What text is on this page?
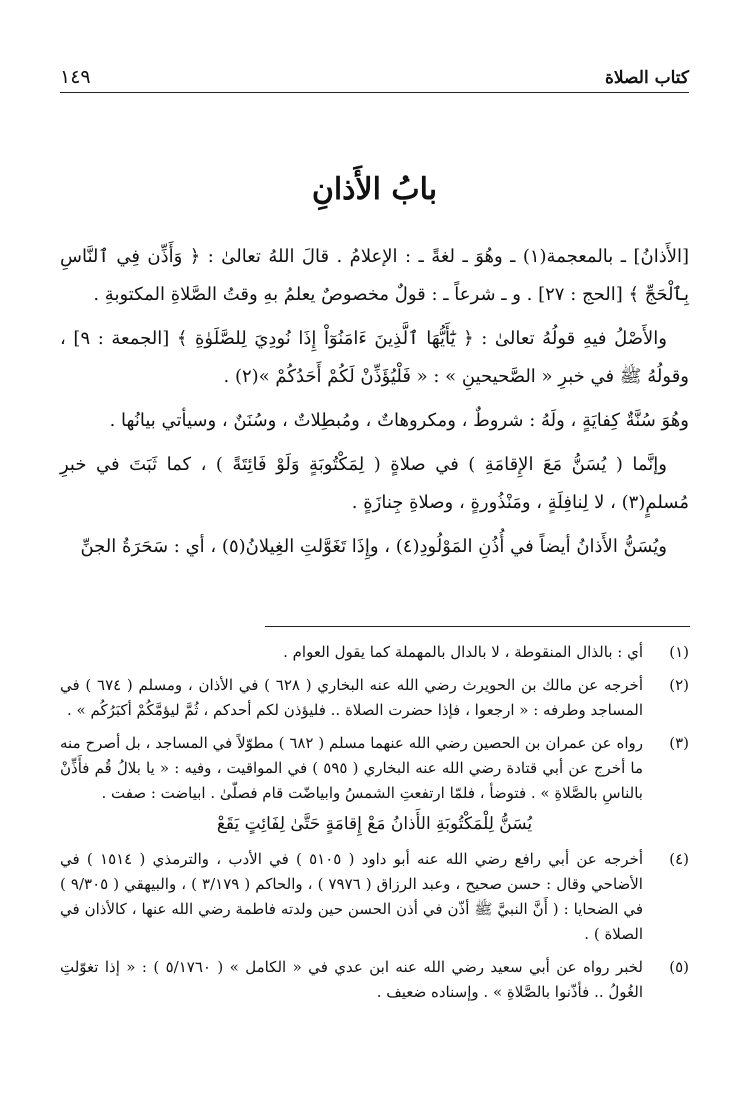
كتاب الصلاة
١٤٩
بابُ الأَذانِ

[الأَذانُ] ـ بالمعجمة(١) ـ وهُوَ ـ لغةً ـ : الإعلامُ . قالَ اللهُ تعالىٰ : ﴿ وَأَذِّن فِي ٱلنَّاسِ بِٱلْحَجِّ ﴾ [الحج : ٢٧] . و ـ شرعاً ـ : قولٌ مخصوصٌ يعلمُ بهِ وقتُ الصَّلاةِ المكتوبةِ .

والأَصْلُ فيهِ قولُهُ تعالىٰ : ﴿ يَٰٓأَيُّهَا ٱلَّذِينَ ءَامَنُوٓاْ إِذَا نُودِيَ لِلصَّلَوٰةِ ﴾ [الجمعة : ٩] ، وقولُهُ ﷺ في خبرِ « الصَّحيحينِ » : « فَلْيُؤَذِّنْ لَكُمْ أَحَدُكُمْ »(٢) .

وهُوَ سُنَّةٌ كِفايَةٍ ، ولَهُ : شروطٌ ، ومكروهاتٌ ، ومُبطِلاتٌ ، وسُنَنٌ ، وسيأتي بيانُها .

وإنَّما ( يُسَنُّ مَعَ الإِقامَةِ ) في صلاةٍ ( لِمَكْتُوبَةٍ وَلَوْ فَائِتَةً ) ، كما ثَبَتَ في خبرِ مُسلمٍ(٣) ، لا لِنافِلَةٍ ، ومَنْذُورةٍ ، وصلاةِ جِنازَةٍ .

ويُسَنُّ الأَذانُ أيضاً في أُذُنِ المَوْلُودِ(٤) ، وإِذَا تَغَوَّلتِ الغِيلانُ(٥) ، أي : سَحَرَةُ الجنِّ

(١)
أي : بالذال المنقوطة ، لا بالدال بالمهملة كما يقول العوام .
(٢)
أخرجه عن مالك بن الحويرث رضي الله عنه البخاري ( ٦٢٨ ) في الأذان ، ومسلم ( ٦٧٤ ) في المساجد وطرفه : « ارجعوا ، فإذا حضرت الصلاة .. فليؤذن لكم أحدكم ، ثُمَّ ليؤمَّكُمْ أكبَرُكُم » .
(٣)
رواه عن عمران بن الحصين رضي الله عنهما مسلم ( ٦٨٢ ) مطوّلاً في المساجد ، بل أصرح منه ما أخرج عن أبي قتادة رضي الله عنه البخاري ( ٥٩٥ ) في المواقيت ، وفيه : « يا بلالُ قُم فأَذِّنْ بالناسِ بالصَّلاةِ » . فتوضأ ، فلمّا ارتفعتِ الشمسُ وابياضّت قام فصلّىٰ . ابياضت : صفت .
يُسَنُّ لِلْمَكْتُوبَةِ الأَذانُ مَعْ إِقامَةٍ حَتَّىٰ لِفَائِتٍ يَقَعْ
(٤)
أخرجه عن أبي رافع رضي الله عنه أبو داود ( ٥١٠٥ ) في الأدب ، والترمذي ( ١٥١٤ ) في الأضاحي وقال : حسن صحيح ، وعبد الرزاق ( ٧٩٧٦ ) ، والحاكم ( ٣/١٧٩ ) ، والبيهقي ( ٩/٣٠٥ ) في الضحايا : ( أَنَّ النبيَّ ﷺ أذّن في أذن الحسن حين ولدته فاطمة رضي الله عنها ، كالأذان في الصلاة ) .
(٥)
لخبر رواه عن أبي سعيد رضي الله عنه ابن عدي في « الكامل » ( ٥/١٧٦٠ ) : « إذا تغوّلتِ الغُولُ .. فأذّنوا بالصَّلاةِ » . وإسناده ضعيف .
